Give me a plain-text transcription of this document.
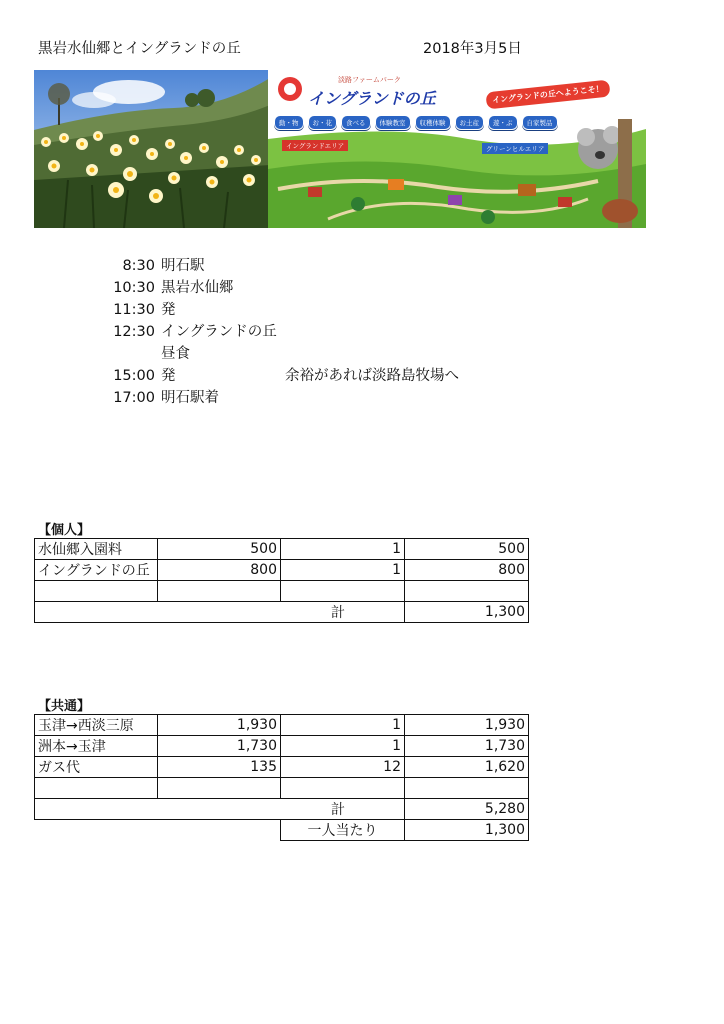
黒岩水仙郷とイングランドの丘	2018年3月5日
淡路ファームパーク
イングランドの丘	イングランドの丘へようこそ！
動・物	お・花	食べる	体験教室	収穫体験	お土産	遊・ぶ	自家製品
イングランドエリア	グリーンヒルエリア
8:30 明石駅
10:30 黒岩水仙郷
11:30 発
12:30 イングランドの丘
昼食
15:00 発	余裕があれば淡路島牧場へ
17:00 明石駅着
【個人】
水仙郷入園料	500	1	500
イングランドの丘	800	1	800

計			1,300
【共通】
玉津→西淡三原	1,930	1	1,930
洲本→玉津	1,730	1	1,730
ガス代	135	12	1,620

計			5,280
		一人当たり	1,300
